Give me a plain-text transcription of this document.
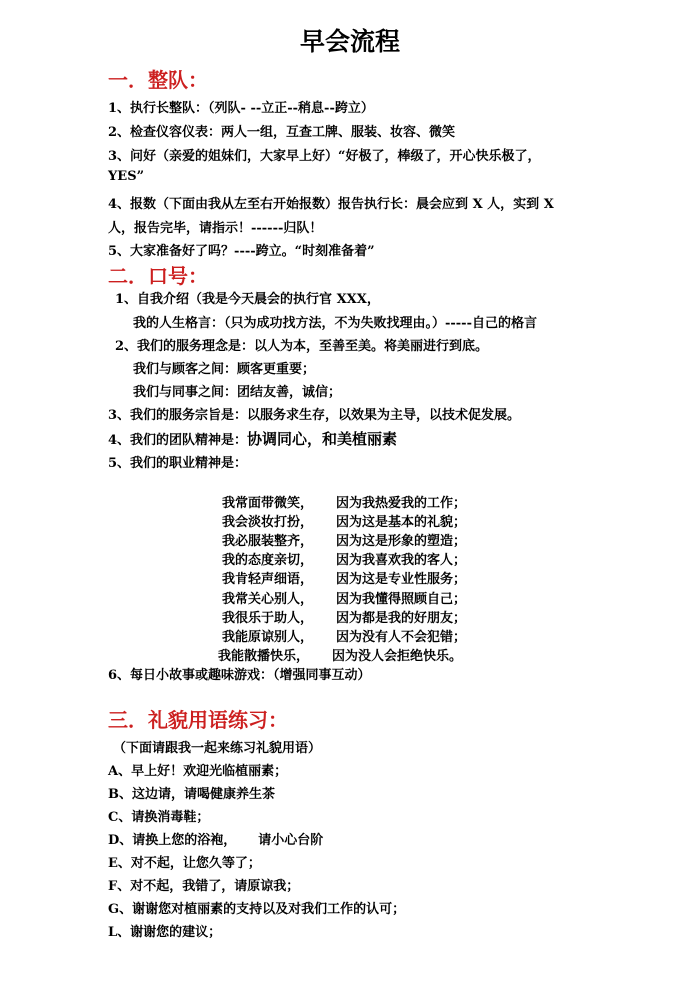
早会流程
一．整队：
1、执行长整队：（列队- --立正--稍息--跨立）
2、检查仪容仪表：两人一组，互查工牌、服装、妆容、微笑
3、问好（亲爱的姐妹们，大家早上好）“好极了，棒级了，开心快乐极了，
YES”
4、报数（下面由我从左至右开始报数）报告执行长：晨会应到 X 人，实到 X
人，报告完毕，请指示！------归队！
5、大家准备好了吗？----跨立。“时刻准备着”
二．口号：
1、自我介绍（我是今天晨会的执行官 XXX，
我的人生格言：（只为成功找方法，不为失败找理由。）-----自己的格言
2、我们的服务理念是：以人为本，至善至美。将美丽进行到底。
我们与顾客之间：顾客更重要；
我们与同事之间：团结友善，诚信；
3、我们的服务宗旨是：以服务求生存，以效果为主导，以技术促发展。
4、我们的团队精神是：协调同心，和美植丽素
5、我们的职业精神是：
我常面带微笑， 因为我热爱我的工作；
我会淡妆打扮， 因为这是基本的礼貌；
我必服装整齐， 因为这是形象的塑造；
我的态度亲切， 因为我喜欢我的客人；
我肯轻声细语， 因为这是专业性服务；
我常关心别人， 因为我懂得照顾自己；
我很乐于助人， 因为都是我的好朋友；
我能原谅别人， 因为没有人不会犯错；
我能散播快乐， 因为没人会拒绝快乐。
6、每日小故事或趣味游戏：（增强同事互动）
三．礼貌用语练习：
（下面请跟我一起来练习礼貌用语）
A、早上好！欢迎光临植丽素；
B、这边请，请喝健康养生茶
C、请换消毒鞋；
D、请换上您的浴袍， 请小心台阶
E、对不起，让您久等了；
F、对不起，我错了，请原谅我；
G、谢谢您对植丽素的支持以及对我们工作的认可；
L、谢谢您的建议；
